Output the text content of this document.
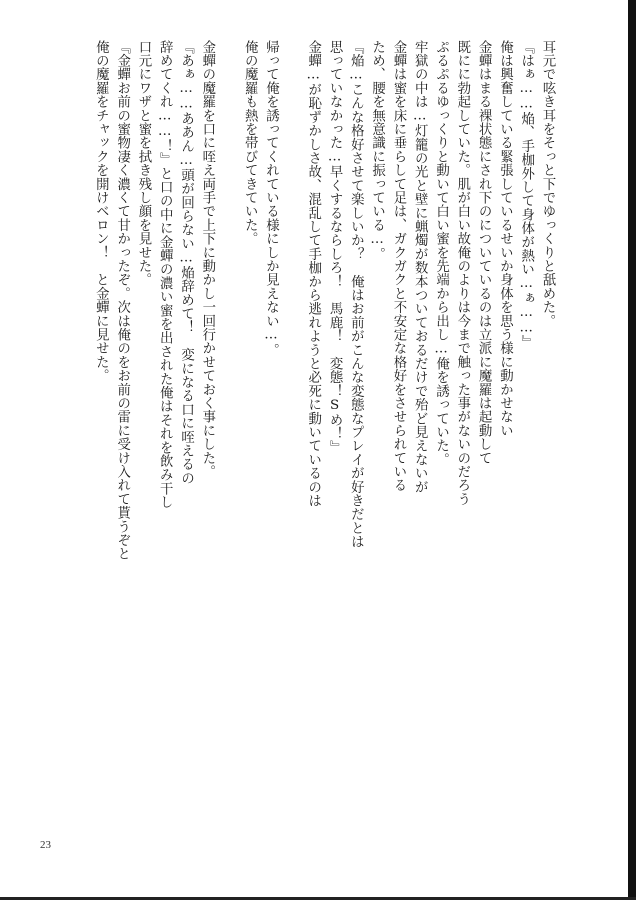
耳元で呟き耳をそっと下でゆっくりと舐めた。

『はぁ……焔、手枷外して身体が熱い…ぁ……』

俺は興奮している緊張しているせいか身体を思う様に動かせない

金蟬はまる裸状態にされ下のについているのは立派に魔羅は起動して

既にに勃起していた。肌が白い故俺のよりは今まで触った事がないのだろう

ぷるぷるゆっくりと動いて白い蜜を先端から出し…俺を誘っていた。

牢獄の中は…灯籠の光と壁に蝋燭が数本ついておるだけで殆ど見えないが

金蟬は蜜を床に垂らして足は、ガクガクと不安定な格好をさせられている

ため、腰を無意識に振っている…。

『焔…こんな格好させて楽しいか？　俺はお前がこんな変態なプレイが好きだとは

思っていなかった…早くするならしろ！　馬鹿！　変態！Sめ！』

金蟬…が恥ずかしさ故、混乱して手枷から逃れようと必死に動いているのは

帰って俺を誘ってくれている様にしか見えない…。

俺の魔羅も熱を帯びてきていた。

金蟬の魔羅を口に咥え両手で上下に動かし一回行かせておく事にした。

『あぁ……ああん…頭が回らない…焔辞めて！　変になる口に咥えるの

辞めてくれ……！』と口の中に金蟬の濃い蜜を出された俺はそれを飲み干し

口元にワザと蜜を拭き残し顔を見せた。

『金蟬お前の蜜物凄く濃くて甘かったぞ。次は俺のをお前の雷に受け入れて貰うぞと

俺の魔羅をチャックを開けベロン！　と金蟬に見せた。

23
